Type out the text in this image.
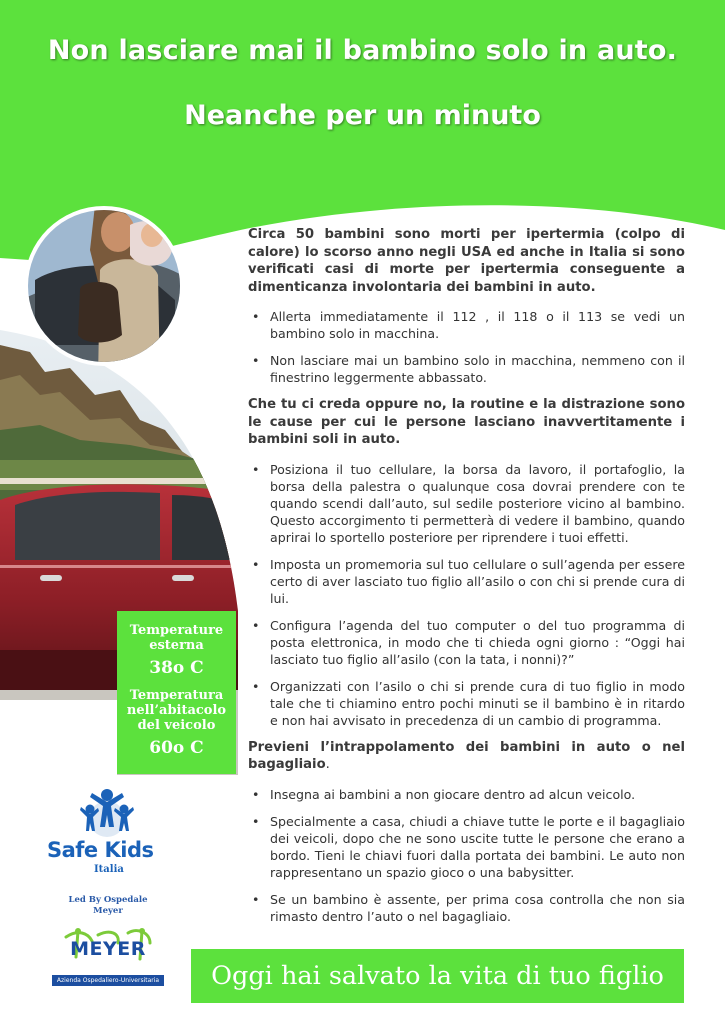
Non lasciare mai il bambino solo in auto.
Neanche per un minuto

Circa 50 bambini sono morti per ipertermia (colpo di calore) lo scorso anno negli USA ed anche in Italia si sono verificati casi di morte per ipertermia conseguente a dimenticanza involontaria dei bambini in auto.

• Allerta immediatamente il 112 , il 118 o il 113 se vedi un bambino solo in macchina.
• Non lasciare mai un bambino solo in macchina, nemmeno con il finestrino leggermente abbassato.

Che tu ci creda oppure no, la routine e la distrazione sono le cause per cui le persone lasciano inavvertitamente i bambini soli in auto.

• Posiziona il tuo cellulare, la borsa da lavoro, il portafoglio, la borsa della palestra o qualunque cosa dovrai prendere con te quando scendi dall’auto, sul sedile posteriore vicino al bambino. Questo accorgimento ti permetterà di vedere il bambino, quando aprirai lo sportello posteriore per riprendere i tuoi effetti.
• Imposta un promemoria sul tuo cellulare o sull’agenda per essere certo di aver lasciato tuo figlio all’asilo o con chi si prende cura di lui.
• Configura l’agenda del tuo computer o del tuo programma di posta elettronica, in modo che ti chieda ogni giorno : “Oggi hai lasciato tuo figlio all’asilo (con la tata, i nonni)?”
• Organizzati con l’asilo o chi si prende cura di tuo figlio in modo tale che ti chiamino entro pochi minuti se il bambino è in ritardo e non hai avvisato in precedenza di un cambio di programma.

Previeni l’intrappolamento dei bambini in auto o nel bagagliaio.

• Insegna ai bambini a non giocare dentro ad alcun veicolo.
• Specialmente a casa, chiudi a chiave tutte le porte e il bagagliaio dei veicoli, dopo che ne sono uscite tutte le persone che erano a bordo. Tieni le chiavi fuori dalla portata dei bambini. Le auto non rappresentano un spazio gioco o una babysitter.
• Se un bambino è assente, per prima cosa controlla che non sia rimasto dentro l’auto o nel bagagliaio.
Temperature esterna
38o C
Temperatura nell’abitacolo del veicolo
60o C
Safe Kids
Italia
Led By Ospedale Meyer
MEYER
Azienda Ospedaliero-Universitaria Oggi hai salvato la vita di tuo figlio
